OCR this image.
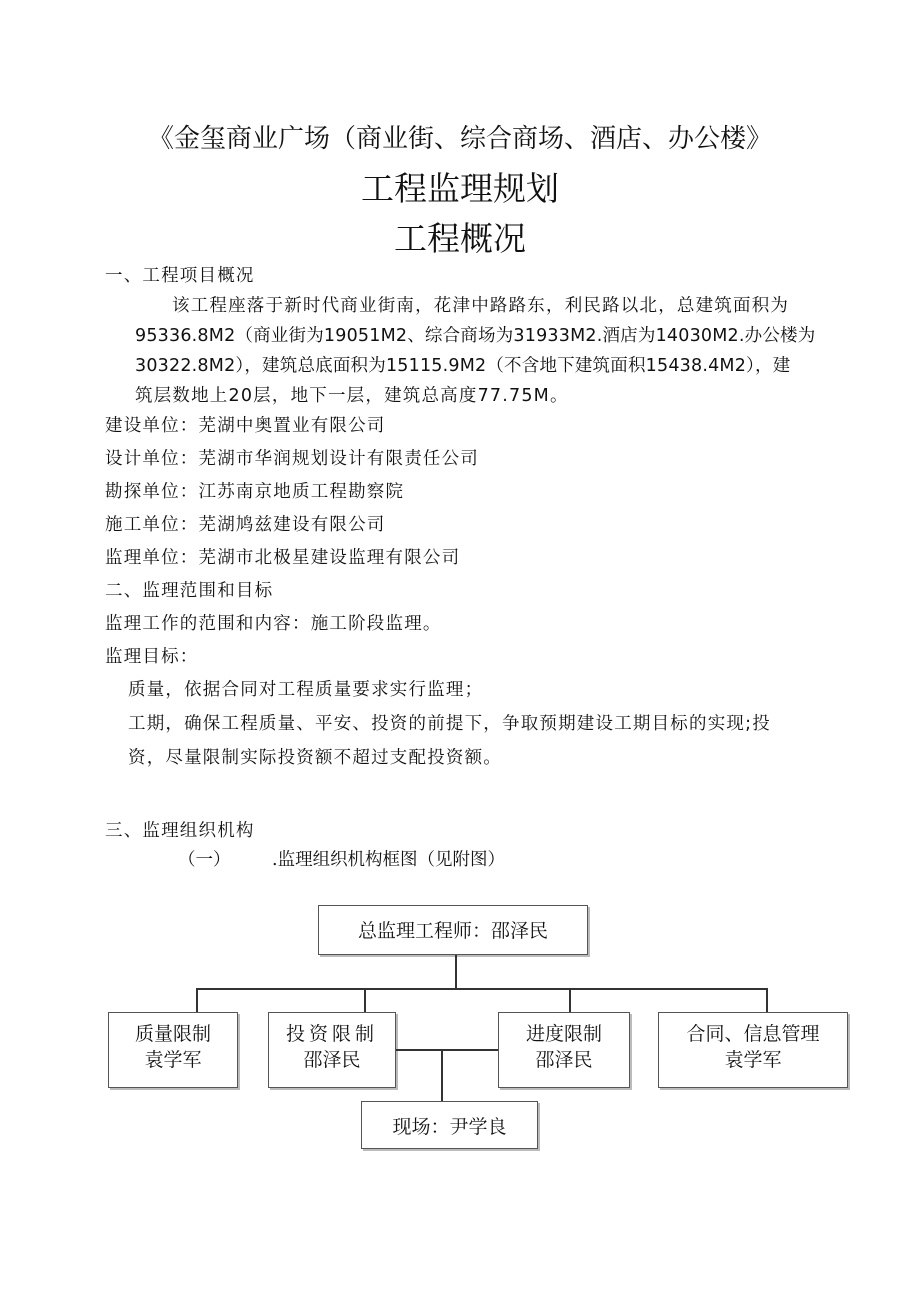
《金玺商业广场（商业街、综合商场、酒店、办公楼》
工程监理规划
工程概况
一、工程项目概况
该工程座落于新时代商业街南，花津中路路东，利民路以北，总建筑面积为
95336.8M2（商业街为19051M2、综合商场为31933M2.酒店为14030M2.办公楼为
30322.8M2），建筑总底面积为15115.9M2（不含地下建筑面积15438.4M2），建
筑层数地上20层，地下一层，建筑总高度77.75M。
建设单位：芜湖中奥置业有限公司
设计单位：芜湖市华润规划设计有限责任公司
勘探单位：江苏南京地质工程勘察院
施工单位：芜湖鸠兹建设有限公司
监理单位：芜湖市北极星建设监理有限公司
二、监理范围和目标
监理工作的范围和内容：施工阶段监理。
监理目标：
质量，依据合同对工程质量要求实行监理；
工期，确保工程质量、平安、投资的前提下，争取预期建设工期目标的实现;投
资，尽量限制实际投资额不超过支配投资额。
三、监理组织机构
（一） .监理组织机构框图（见附图）
总监理工程师：邵泽民
质量限制
袁学军
投资限制
邵泽民
进度限制
邵泽民
合同、信息管理
袁学军
现场：尹学良
